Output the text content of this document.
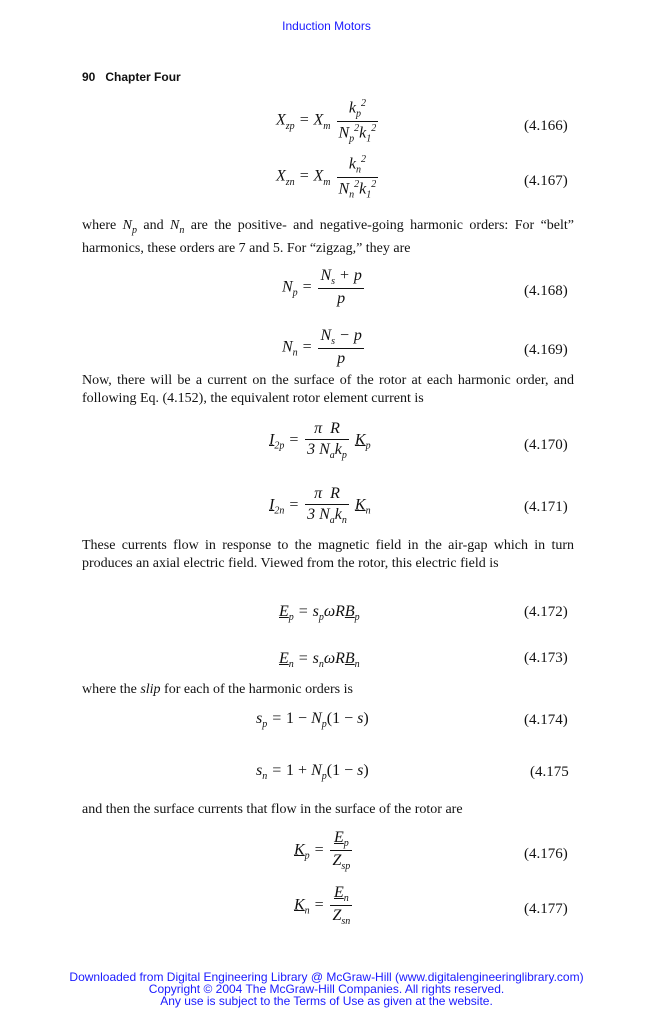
Induction Motors
90 Chapter Four
$X_{zp} = X_m \frac{k_p^2}{N_p^2k_1^2}$	(4.166)
$X_{zn} = X_m \frac{k_n^2}{N_n^2k_1^2}$	(4.167)
where $N_p$ and $N_n$ are the positive- and negative-going harmonic orders: For “belt” harmonics, these orders are 7 and 5. For “zigzag,” they are
$N_p = \frac{N_s + p}{p}$	(4.168)
$N_n = \frac{N_s - p}{p}$	(4.169)
Now, there will be a current on the surface of the rotor at each harmonic order, and following Eq. (4.152), the equivalent rotor element current is
$I_{2p} = \frac{\text{π  R}}{3 N_ak_p} K_p$	(4.170)
$I_{2n} = \frac{\text{π  R}}{3 N_ak_n} K_n$	(4.171)
These currents flow in response to the magnetic field in the air-gap which in turn produces an axial electric field. Viewed from the rotor, this electric field is
$E_p = s_p\omega RB_p$	(4.172)
$E_n = s_n\omega RB_n$	(4.173)
where the slip for each of the harmonic orders is
$s_p = 1 - N_p(1 - s)$	(4.174)
$s_n = 1 + N_p(1 - s)$	(4.175
and then the surface currents that flow in the surface of the rotor are
$K_p = \frac{E_p}{Z_{sp}}$	(4.176)
$K_n = \frac{E_n}{Z_{sn}}$	(4.177)
Downloaded from Digital Engineering Library @ McGraw-Hill (www.digitalengineeringlibrary.com)
Copyright © 2004 The McGraw-Hill Companies. All rights reserved.
Any use is subject to the Terms of Use as given at the website.
